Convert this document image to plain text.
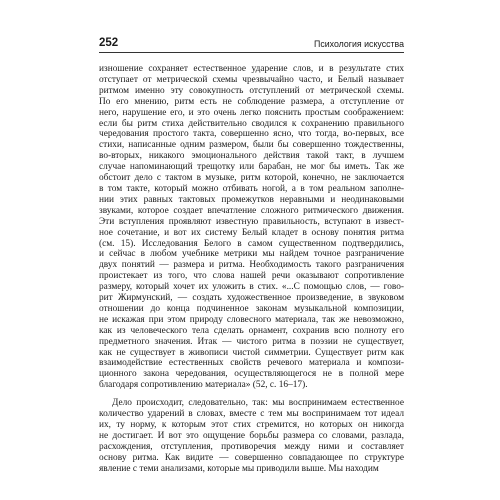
252	Психология искусства
изношение сохраняет естественное ударение слов, и в результате стих
отступает от метрической схемы чрезвычайно часто, и Белый называет
ритмом именно эту совокупность отступлений от метрической схемы.
По его мнению, ритм есть не соблюдение размера, а отступление от
него, нарушение его, и это очень легко пояснить простым соображением:
если бы ритм стиха действительно сводился к сохранению правильного
чередования простого такта, совершенно ясно, что тогда, во-первых, все
стихи, написанные одним размером, были бы совершенно тождественны,
во-вторых, никакого эмоционального действия такой такт, в лучшем
случае напоминающий трещотку или барабан, не мог бы иметь. Так же
обстоит дело с тактом в музыке, ритм которой, конечно, не заключается
в том такте, который можно отбивать ногой, а в том реальном заполне-
нии этих равных тактовых промежутков неравными и неодинаковыми
звуками, которое создает впечатление сложного ритмического движения.
Эти вступления проявляют известную правильность, вступают в извест-
ное сочетание, и вот их систему Белый кладет в основу понятия ритма
(см. 15). Исследования Белого в самом существенном подтвердились,
и сейчас в любом учебнике метрики мы найдем точное разграничение
двух понятий — размера и ритма. Необходимость такого разграничения
проистекает из того, что слова нашей речи оказывают сопротивление
размеру, который хочет их уложить в стих. «...С помощью слов, — гово-
рит Жирмунский, — создать художественное произведение, в звуковом
отношении до конца подчиненное законам музыкальной композиции,
не искажая при этом природу словесного материала, так же невозможно,
как из человеческого тела сделать орнамент, сохранив всю полноту его
предметного значения. Итак — чистого ритма в поэзии не существует,
как не существует в живописи чистой симметрии. Существует ритм как
взаимодействие естественных свойств речевого материала и компози-
ционного закона чередования, осуществляющегося не в полной мере
благодаря сопротивлению материала» (52, с. 16–17).
Дело происходит, следовательно, так: мы воспринимаем естественное
количество ударений в словах, вместе с тем мы воспринимаем тот идеал
их, ту норму, к которым этот стих стремится, но которых он никогда
не достигает. И вот это ощущение борьбы размера со словами, разлада,
расхождения, отступления, противоречия между ними и составляет
основу ритма. Как видите — совершенно совпадающее по структуре
явление с теми анализами, которые мы приводили выше. Мы находим
